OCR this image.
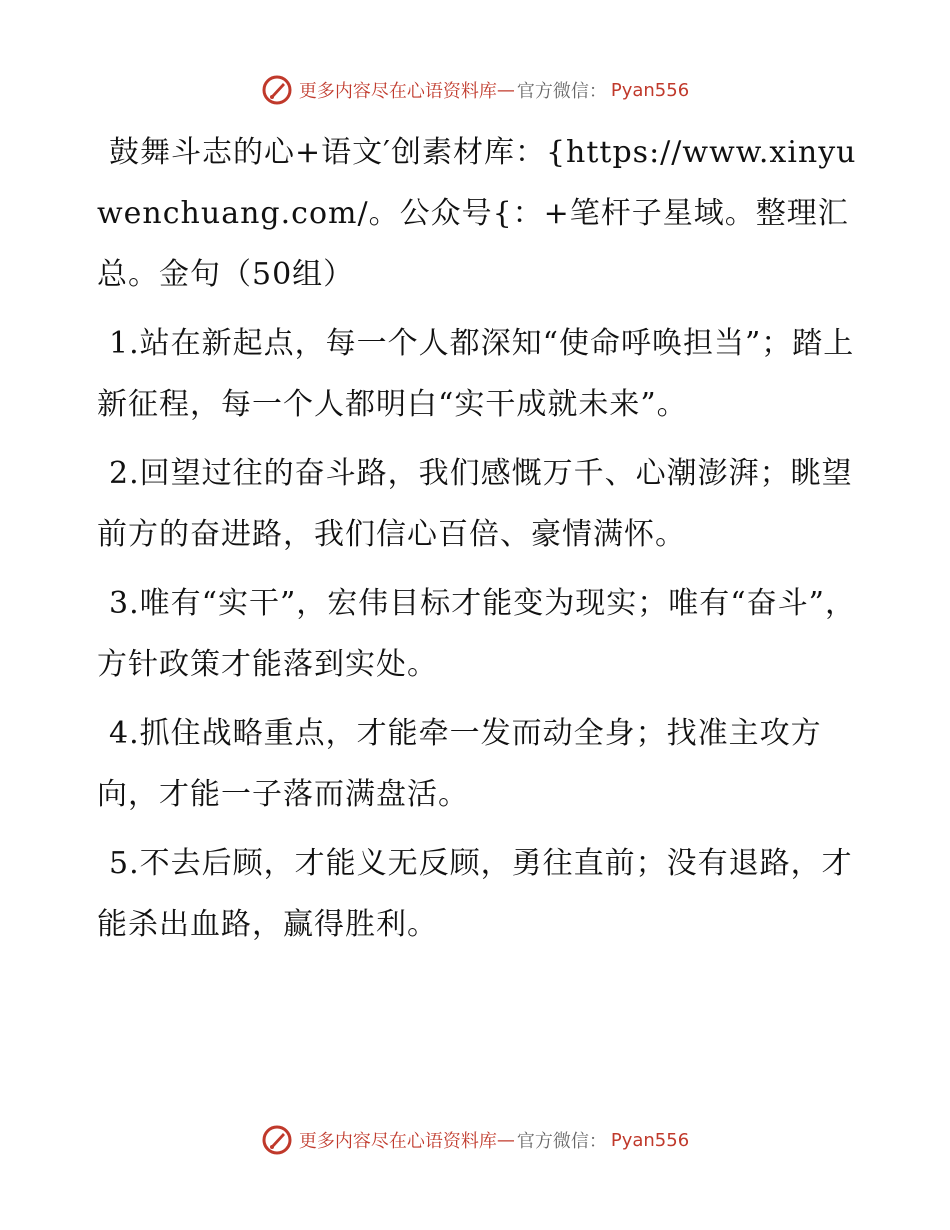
更多内容尽在心语资料库 — 官方微信： Pyan556

鼓舞斗志的心+语文′创素材库：{https://www.xinyuwenchuang.com/。公众号{：+笔杆子星域。整理汇总。金句（50组）

1.站在新起点，每一个人都深知“使命呼唤担当”；踏上新征程，每一个人都明白“实干成就未来”。

2.回望过往的奋斗路，我们感慨万千、心潮澎湃；眺望前方的奋进路，我们信心百倍、豪情满怀。

3.唯有“实干”，宏伟目标才能变为现实；唯有“奋斗”，方针政策才能落到实处。

4.抓住战略重点，才能牵一发而动全身；找准主攻方向，才能一子落而满盘活。

5.不去后顾，才能义无反顾，勇往直前；没有退路，才能杀出血路，赢得胜利。

更多内容尽在心语资料库 — 官方微信： Pyan556
